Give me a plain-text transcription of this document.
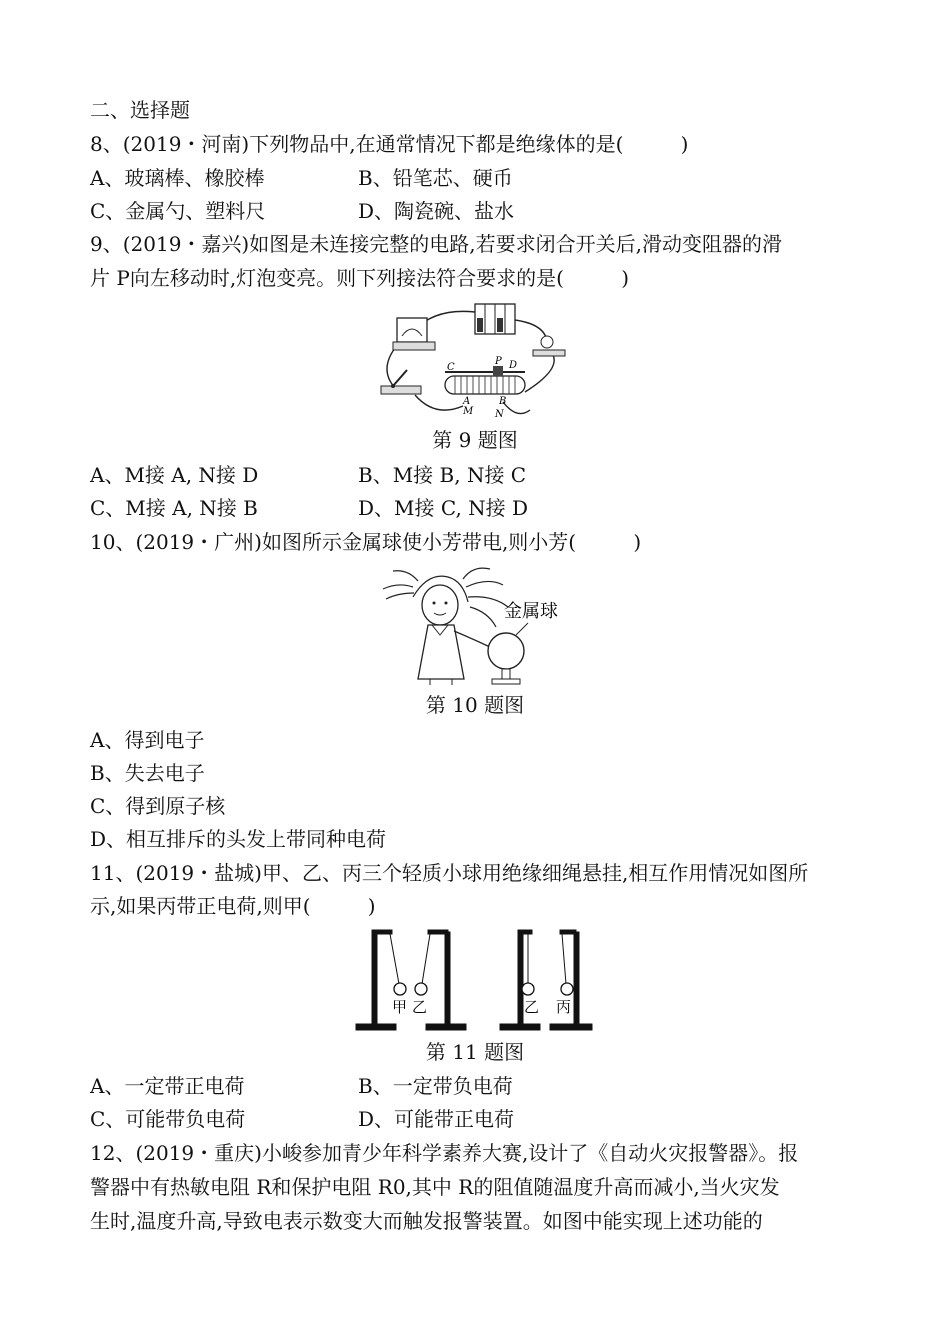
二、选择题
8、(2019・河南)下列物品中,在通常情况下都是绝缘体的是(         )
A、玻璃棒、橡胶棒	B、铅笔芯、硬币
C、金属勺、塑料尺	D、陶瓷碗、盐水
9、(2019・嘉兴)如图是未连接完整的电路,若要求闭合开关后,滑动变阻器的滑
片 P向左移动时,灯泡变亮。则下列接法符合要求的是(         )
C
P D
A	B
M N
第 9 题图
A、M接 A, N接 D	B、M接 B, N接 C
C、M接 A, N接 B	D、M接 C, N接 D
10、(2019・广州)如图所示金属球使小芳带电,则小芳(         )
金属球
第 10 题图
A、得到电子
B、失去电子
C、得到原子核
D、相互排斥的头发上带同种电荷
11、(2019・盐城)甲、乙、丙三个轻质小球用绝缘细绳悬挂,相互作用情况如图所
示,如果丙带正电荷,则甲(         )
甲 乙	乙 丙
第 11 题图
A、一定带正电荷	B、一定带负电荷
C、可能带负电荷	D、可能带正电荷
12、(2019・重庆)小峻参加青少年科学素养大赛,设计了《自动火灾报警器》。报
警器中有热敏电阻 R和保护电阻 R0,其中 R的阻值随温度升高而减小,当火灾发
生时,温度升高,导致电表示数变大而触发报警装置。如图中能实现上述功能的
